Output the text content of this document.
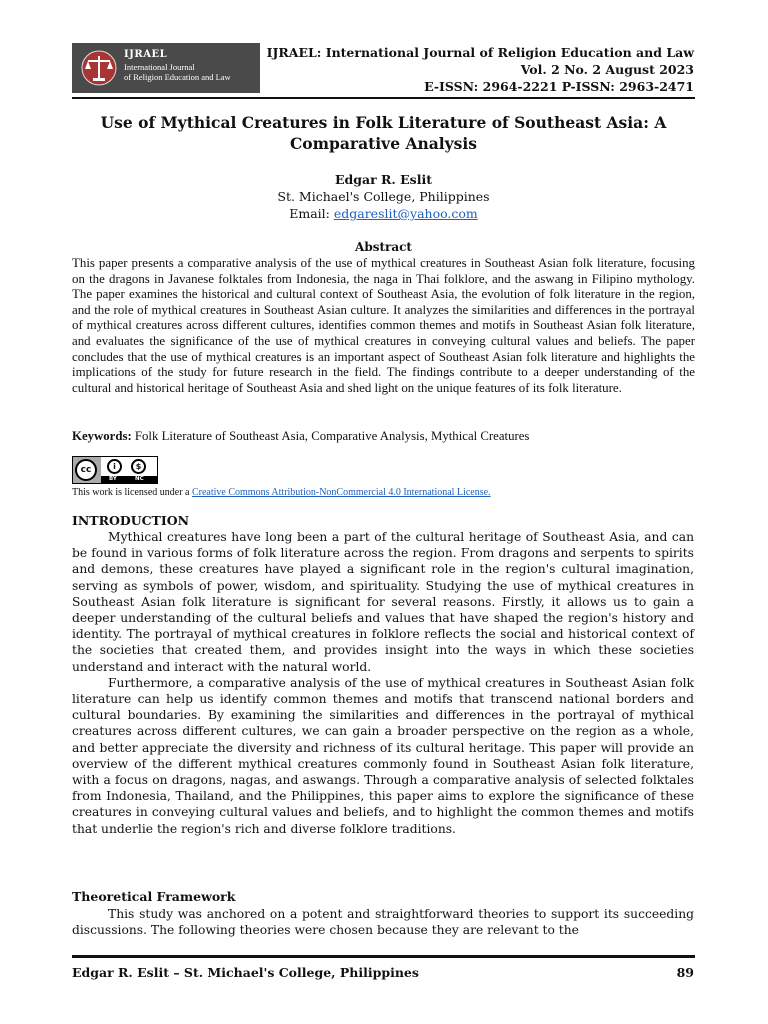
IJRAEL
International Journal
of Religion Education and Law
IJRAEL: International Journal of Religion Education and Law
Vol. 2 No. 2 August 2023
E-ISSN: 2964-2221 P-ISSN: 2963-2471
Use of Mythical Creatures in Folk Literature of Southeast Asia: A
Comparative Analysis
Edgar R. Eslit
St. Michael's College, Philippines
Email: edgareslit@yahoo.com
Abstract
This paper presents a comparative analysis of the use of mythical creatures in Southeast Asian folk literature, focusing on the dragons in Javanese folktales from Indonesia, the naga in Thai folklore, and the aswang in Filipino mythology. The paper examines the historical and cultural context of Southeast Asia, the evolution of folk literature in the region, and the role of mythical creatures in Southeast Asian culture. It analyzes the similarities and differences in the portrayal of mythical creatures across different cultures, identifies common themes and motifs in Southeast Asian folk literature, and evaluates the significance of the use of mythical creatures in conveying cultural values and beliefs. The paper concludes that the use of mythical creatures is an important aspect of Southeast Asian folk literature and highlights the implications of the study for future research in the field. The findings contribute to a deeper understanding of the cultural and historical heritage of Southeast Asia and shed light on the unique features of its folk literature.
Keywords: Folk Literature of Southeast Asia, Comparative Analysis, Mythical Creatures
cc	i	$
BY	NC
This work is licensed under a Creative Commons Attribution-NonCommercial 4.0 International License.
INTRODUCTION

Mythical creatures have long been a part of the cultural heritage of Southeast Asia, and can be found in various forms of folk literature across the region. From dragons and serpents to spirits and demons, these creatures have played a significant role in the region's cultural imagination, serving as symbols of power, wisdom, and spirituality. Studying the use of mythical creatures in Southeast Asian folk literature is significant for several reasons. Firstly, it allows us to gain a deeper understanding of the cultural beliefs and values that have shaped the region's history and identity. The portrayal of mythical creatures in folklore reflects the social and historical context of the societies that created them, and provides insight into the ways in which these societies understand and interact with the natural world.

Furthermore, a comparative analysis of the use of mythical creatures in Southeast Asian folk literature can help us identify common themes and motifs that transcend national borders and cultural boundaries. By examining the similarities and differences in the portrayal of mythical creatures across different cultures, we can gain a broader perspective on the region as a whole, and better appreciate the diversity and richness of its cultural heritage. This paper will provide an overview of the different mythical creatures commonly found in Southeast Asian folk literature, with a focus on dragons, nagas, and aswangs. Through a comparative analysis of selected folktales from Indonesia, Thailand, and the Philippines, this paper aims to explore the significance of these creatures in conveying cultural values and beliefs, and to highlight the common themes and motifs that underlie the region's rich and diverse folklore traditions.

Theoretical Framework

This study was anchored on a potent and straightforward theories to support its succeeding discussions. The following theories were chosen because they are relevant to the

Edgar R. Eslit – St. Michael's College, Philippines	89
